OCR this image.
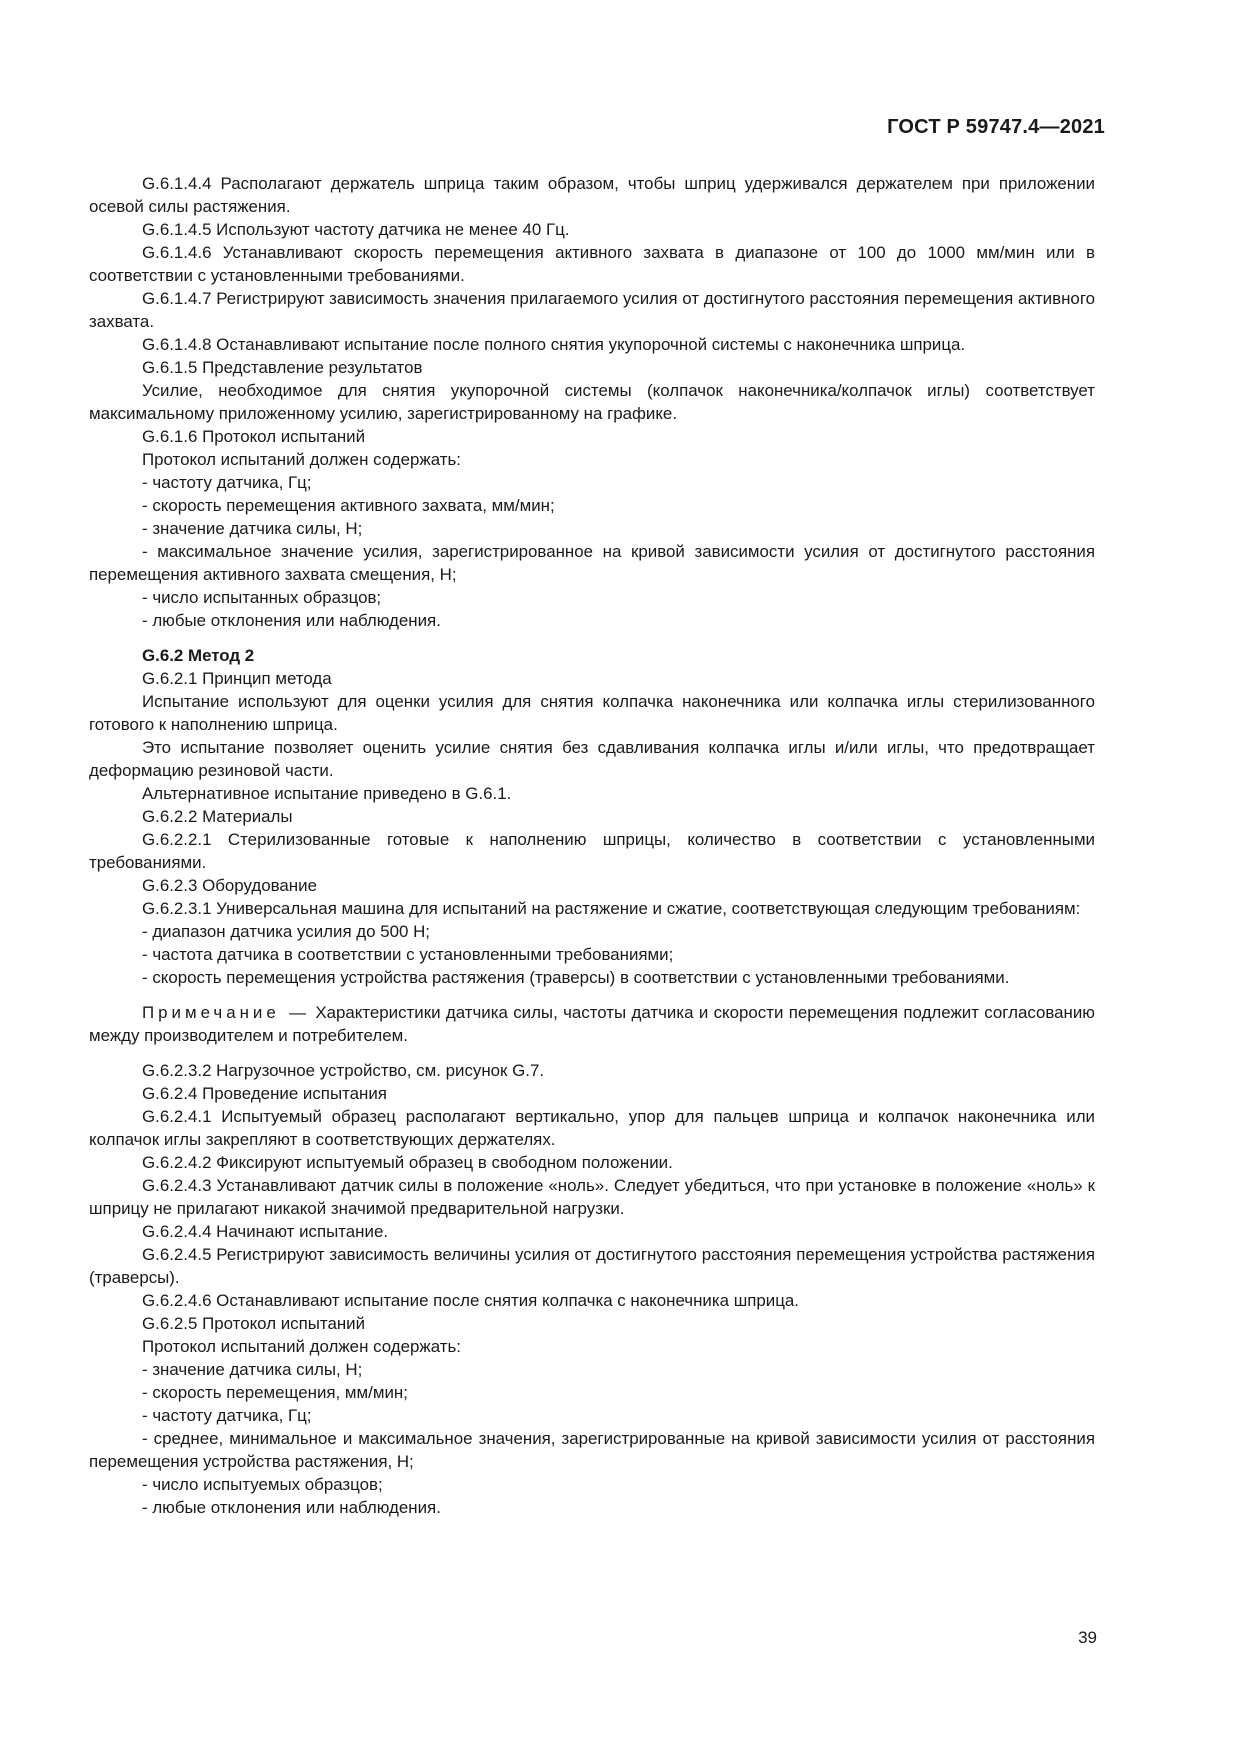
ГОСТ Р 59747.4—2021

G.6.1.4.4 Располагают держатель шприца таким образом, чтобы шприц удерживался держателем при приложении осевой силы растяжения.

G.6.1.4.5 Используют частоту датчика не менее 40 Гц.

G.6.1.4.6 Устанавливают скорость перемещения активного захвата в диапазоне от 100 до 1000 мм/мин или в соответствии с установленными требованиями.

G.6.1.4.7 Регистрируют зависимость значения прилагаемого усилия от достигнутого расстояния перемещения активного захвата.

G.6.1.4.8 Останавливают испытание после полного снятия укупорочной системы с наконечника шприца.

G.6.1.5 Представление результатов

Усилие, необходимое для снятия укупорочной системы (колпачок наконечника/колпачок иглы) соответствует максимальному приложенному усилию, зарегистрированному на графике.

G.6.1.6 Протокол испытаний

Протокол испытаний должен содержать:

- частоту датчика, Гц;

- скорость перемещения активного захвата, мм/мин;

- значение датчика силы, Н;

- максимальное значение усилия, зарегистрированное на кривой зависимости усилия от достигнутого расстояния перемещения активного захвата смещения, Н;

- число испытанных образцов;

- любые отклонения или наблюдения.

G.6.2 Метод 2

G.6.2.1 Принцип метода

Испытание используют для оценки усилия для снятия колпачка наконечника или колпачка иглы стерилизованного готового к наполнению шприца.

Это испытание позволяет оценить усилие снятия без сдавливания колпачка иглы и/или иглы, что предотвращает деформацию резиновой части.

Альтернативное испытание приведено в G.6.1.

G.6.2.2 Материалы

G.6.2.2.1 Стерилизованные готовые к наполнению шприцы, количество в соответствии с установленными требованиями.

G.6.2.3 Оборудование

G.6.2.3.1 Универсальная машина для испытаний на растяжение и сжатие, соответствующая следующим требованиям:

- диапазон датчика усилия до 500 Н;

- частота датчика в соответствии с установленными требованиями;

- скорость перемещения устройства растяжения (траверсы) в соответствии с установленными требованиями.

Примечание — Характеристики датчика силы, частоты датчика и скорости перемещения подлежит согласованию между производителем и потребителем.

G.6.2.3.2 Нагрузочное устройство, см. рисунок G.7.

G.6.2.4 Проведение испытания

G.6.2.4.1 Испытуемый образец располагают вертикально, упор для пальцев шприца и колпачок наконечника или колпачок иглы закрепляют в соответствующих держателях.

G.6.2.4.2 Фиксируют испытуемый образец в свободном положении.

G.6.2.4.3 Устанавливают датчик силы в положение «ноль». Следует убедиться, что при установке в положение «ноль» к шприцу не прилагают никакой значимой предварительной нагрузки.

G.6.2.4.4 Начинают испытание.

G.6.2.4.5 Регистрируют зависимость величины усилия от достигнутого расстояния перемещения устройства растяжения (траверсы).

G.6.2.4.6 Останавливают испытание после снятия колпачка с наконечника шприца.

G.6.2.5 Протокол испытаний

Протокол испытаний должен содержать:

- значение датчика силы, Н;

- скорость перемещения, мм/мин;

- частоту датчика, Гц;

- среднее, минимальное и максимальное значения, зарегистрированные на кривой зависимости усилия от расстояния перемещения устройства растяжения, Н;

- число испытуемых образцов;

- любые отклонения или наблюдения.

39
